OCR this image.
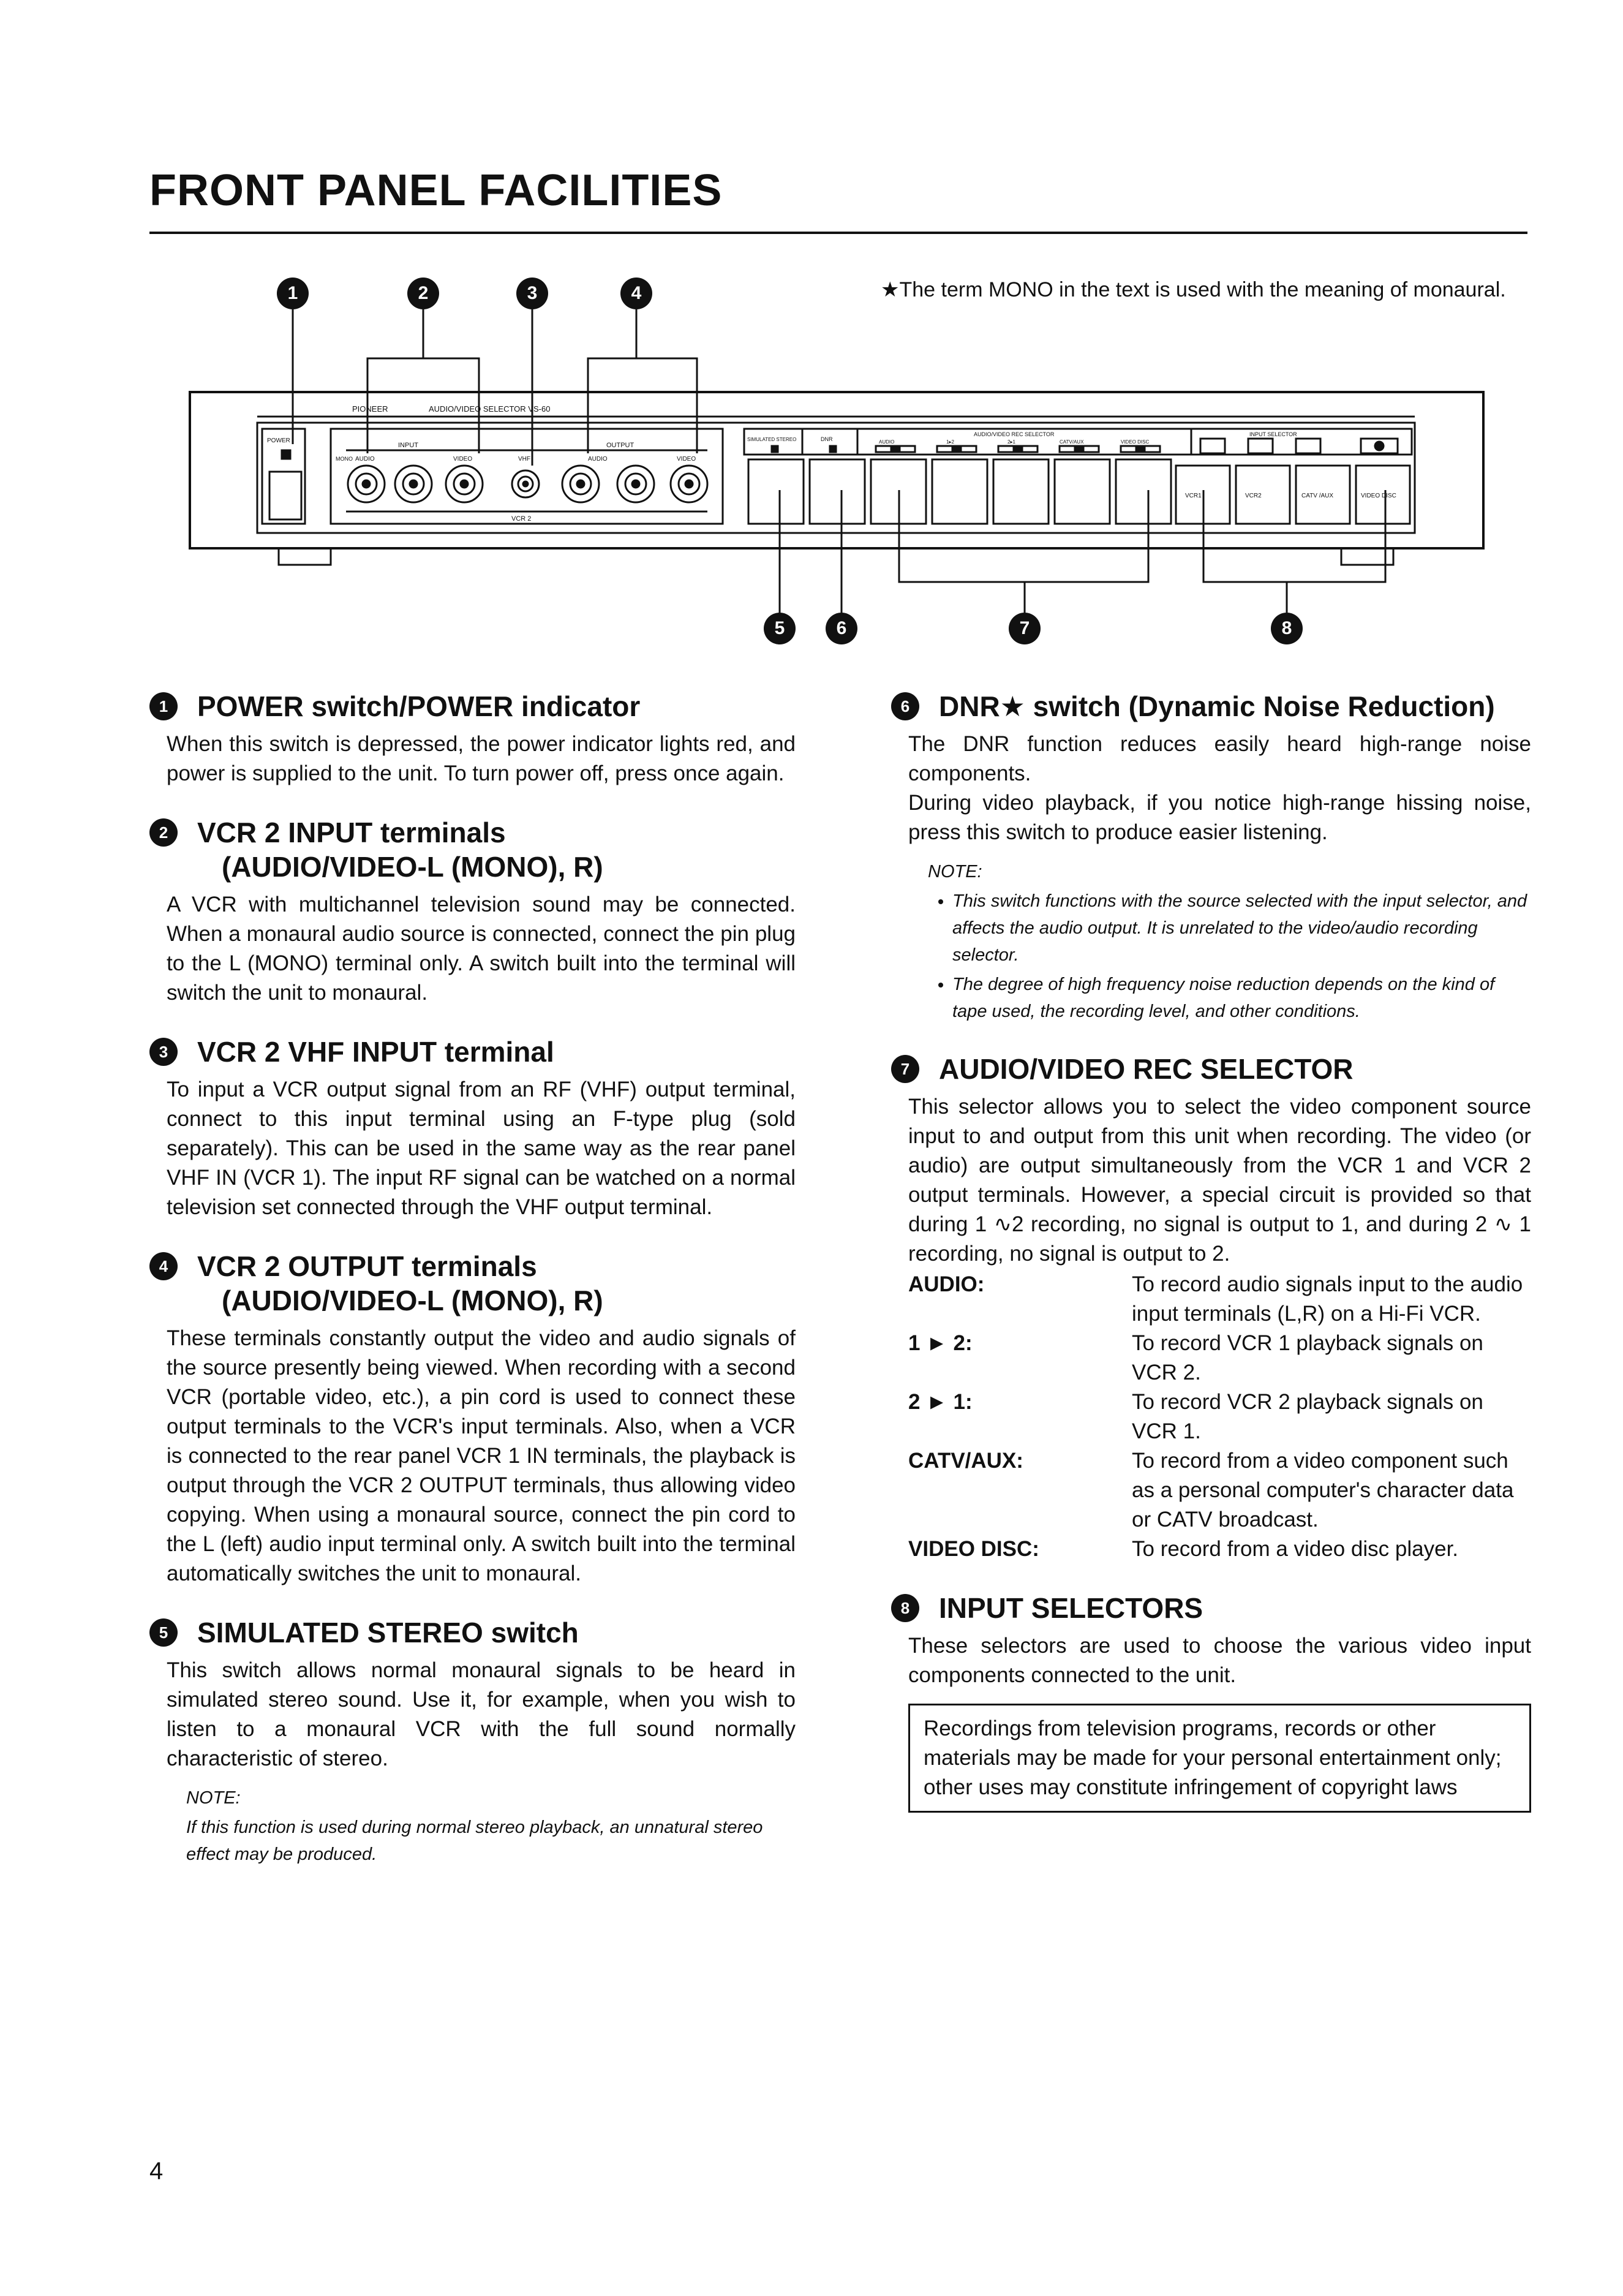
FRONT PANEL FACILITIES
★The term MONO in the text is used with the meaning of monaural.
1	2	3	4
5	6	7	8
PIONEER	AUDIO/VIDEO SELECTOR VS-60
POWER
INPUT	OUTPUT
VCR 2
AUDIO	VIDEO	VHF	AUDIO	VIDEO
MONO
AUDIO/VIDEO REC SELECTOR	INPUT SELECTOR
SIMULATED STEREO	DNR	AUDIO	1▸2	2▸1	CATV/AUX	VIDEO DISC
VCR1	VCR2	CATV /AUX	VIDEO DISC
1	POWER switch/POWER indicator
When this switch is depressed, the power indicator lights red, and power is supplied to the unit. To turn power off, press once again.
2	VCR 2 INPUT terminals
(AUDIO/VIDEO-L (MONO), R)
A VCR with multichannel television sound may be connected. When a monaural audio source is connected, connect the pin plug to the L (MONO) terminal only. A switch built into the terminal will switch the unit to monaural.
3	VCR 2 VHF INPUT terminal
To input a VCR output signal from an RF (VHF) output terminal, connect to this input terminal using an F-type plug (sold separately). This can be used in the same way as the rear panel VHF IN (VCR 1). The input RF signal can be watched on a normal television set connected through the VHF output terminal.
4	VCR 2 OUTPUT terminals
(AUDIO/VIDEO-L (MONO), R)
These terminals constantly output the video and audio signals of the source presently being viewed. When recording with a second VCR (portable video, etc.), a pin cord is used to connect these output terminals to the VCR's input terminals. Also, when a VCR is connected to the rear panel VCR 1 IN terminals, the playback is output through the VCR 2 OUTPUT terminals, thus allowing video copying. When using a monaural source, connect the pin cord to the L (left) audio input terminal only. A switch built into the terminal automatically switches the unit to monaural.
5	SIMULATED STEREO switch
This switch allows normal monaural signals to be heard in simulated stereo sound. Use it, for example, when you wish to listen to a monaural VCR with the full sound normally characteristic of stereo.
NOTE:
If this function is used during normal stereo playback, an unnatural stereo effect may be produced.
6	DNR★ switch (Dynamic Noise Reduction)

The DNR function reduces easily heard high-range noise components.

During video playback, if you notice high-range hissing noise, press this switch to produce easier listening.

NOTE:
• This switch functions with the source selected with the input selector, and affects the audio output. It is unrelated to the video/audio recording selector.
• The degree of high frequency noise reduction depends on the kind of tape used, the recording level, and other conditions.
7	AUDIO/VIDEO REC SELECTOR
This selector allows you to select the video component source input to and output from this unit when recording. The video (or audio) are output simultaneously from the VCR 1 and VCR 2 output terminals. However, a special circuit is provided so that during 1 ∿2 recording, no signal is output to 1, and during 2 ∿ 1 recording, no signal is output to 2.
AUDIO:	To record audio signals input to the audio input terminals (L,R) on a Hi-Fi VCR.
1 ► 2:	To record VCR 1 playback signals on VCR 2.
2 ► 1:	To record VCR 2 playback signals on VCR 1.
CATV/AUX:	To record from a video component such as a personal computer's character data or CATV broadcast.
VIDEO DISC:	To record from a video disc player.
8	INPUT SELECTORS
These selectors are used to choose the various video input components connected to the unit.
Recordings from television programs, records or other materials may be made for your personal entertainment only; other uses may constitute infringement of copyright laws
4
